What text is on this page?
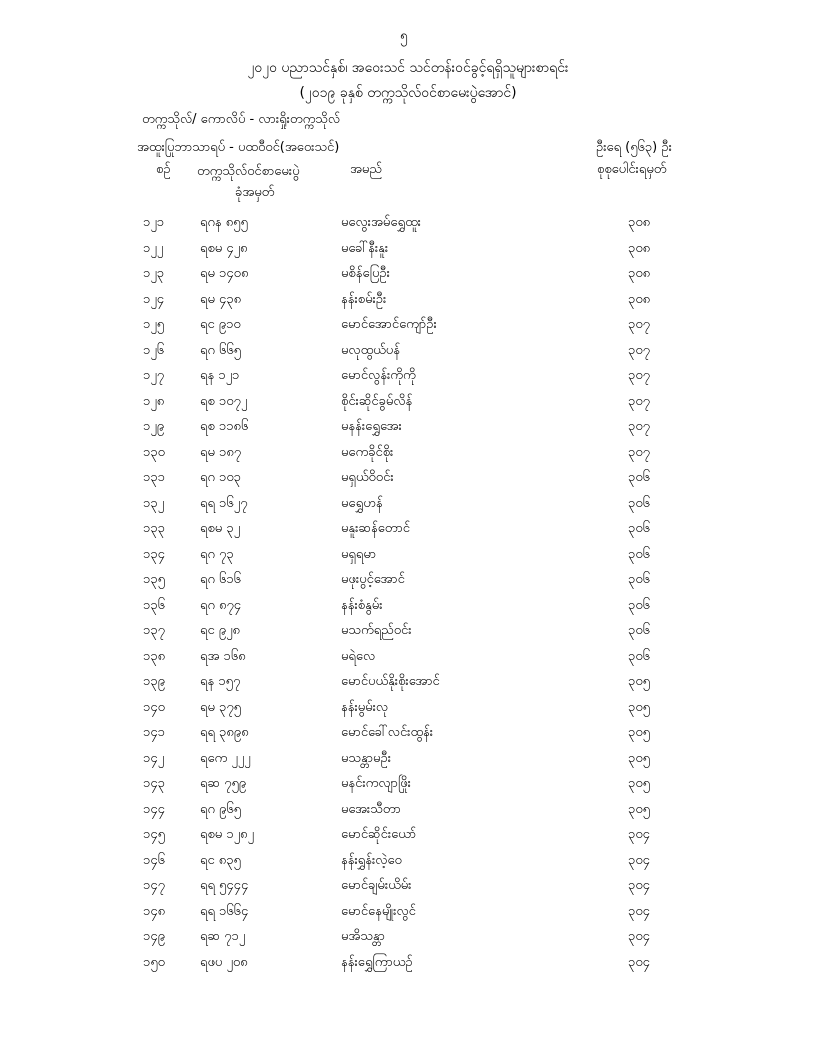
၅
၂၀၂၀ ပညာသင်နှစ်၊ အဝေးသင် သင်တန်းဝင်ခွင့်ရရှိသူများစာရင်း
(၂၀၁၉ ခုနှစ် တက္ကသိုလ်ဝင်စာမေးပွဲအောင်)
တက္ကသိုလ်/ ကောလိပ် - လားရှိုးတက္ကသိုလ်
အထူးပြုဘာသာရပ် - ပထဝီဝင်(အဝေးသင်)	ဦးရေ (၅၆၃) ဦး
စဉ် တက္ကသိုလ်ဝင်စာမေးပွဲ
ခုံအမှတ်
အမည်	စုစုပေါင်းရမှတ်
၁၂၁	ရဂန ၈၅၅	မလွေးအမ်ရွှေထူး	၃၀၈
၁၂၂	ရစမ ၄၂၈	မခေါ်နီးနူး	၃၀၈
၁၂၃	ရမ ၁၄၀၈	မစိန်ပြေဦး	၃၀၈
၁၂၄	ရမ ၄၃၈	နန်းစမ်းဦး	၃၀၈
၁၂၅	ရင ၉၁၀	မောင်အောင်ကျော်ဦး	၃၀၇
၁၂၆	ရဂ ၆၆၅	မလုထွယ်ပန်	၃၀၇
၁၂၇	ရန ၁၂၁	မောင်လွန်းကိုကို	၃၀၇
၁၂၈	ရစ ၁၀၇၂	စိုင်းဆိုင်ခွမ်လိန်	၃၀၇
၁၂၉	ရစ ၁၁၈၆	မနန်းရွှေအေး	၃၀၇
၁၃၀	ရမ ၁၈၇	မကေခိုင်စိုး	၃၀၇
၁၃၁	ရဂ ၁၀၃	မရှယ်ဝိဝင်း	၃၀၆
၁၃၂	ရရ ၁၆၂၇	မရွှေဟန်	၃၀၆
၁၃၃	ရစမ ၃၂	မနူးဆန်တောင်	၃၀၆
၁၃၄	ရဂ ၇၃	မရှရမာ	၃၀၆
၁၃၅	ရဂ ၆၁၆	မဖုးပွင့်အောင်	၃၀၆
၁၃၆	ရဂ ၈၇၄	နန်းစံနွမ်း	၃၀၆
၁၃၇	ရင ၉၂၈	မသက်ရည်ဝင်း	၃၀၆
၁၃၈	ရအ ၁၆၈	မရဲလေ	၃၀၆
၁၃၉	ရန ၁၅၇	မောင်ပယ်နိုးစိုးအောင်	၃၀၅
၁၄၀	ရမ ၃၇၅	နန်းမွမ်းလု	၃၀၅
၁၄၁	ရရ ၃၈၉၈	မောင်ခေါ်လင်းထွန်း	၃၀၅
၁၄၂	ရကေ ၂၂၂	မသန္တာမဦး	၃၀၅
၁၄၃	ရဆ ၇၅၉	မနင်းကလျာဖြိုး	၃၀၅
၁၄၄	ရဂ ၉၆၅	မအေးသီတာ	၃၀၅
၁၄၅	ရစမ ၁၂၈၂	မောင်ဆိုင်းယော်	၃၀၄
၁၄၆	ရင ၈၃၅	နန်းရွှန်းလဲ့ဝေ	၃၀၄
၁၄၇	ရရ ၅၄၄၄	မောင်ချမ်းယိမ်း	၃၀၄
၁၄၈	ရရ ၁၆၆၄	မောင်နေမျိုးလွင်	၃၀၄
၁၄၉	ရဆ ၇၁၂	မအိသန္တာ	၃၀၄
၁၅၀	ရဖပ ၂၀၈	နန်းရွှေကြာယဉ်	၃၀၄
